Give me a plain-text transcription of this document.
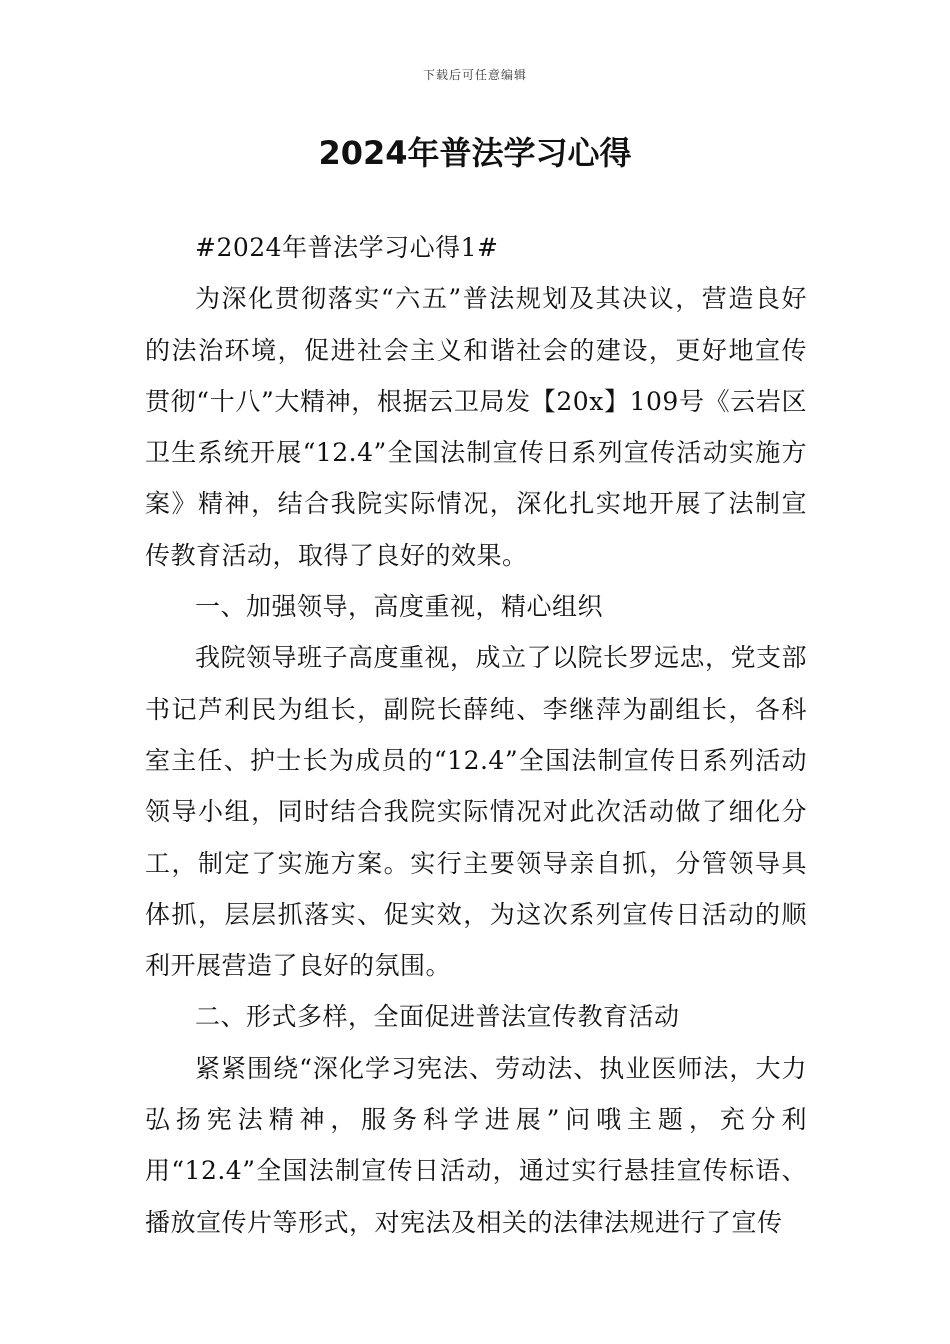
下载后可任意编辑
2024年普法学习心得

#2024年普法学习心得1#

为深化贯彻落实“六五”普法规划及其决议，营造良好的法治环境，促进社会主义和谐社会的建设，更好地宣传贯彻“十八”大精神，根据云卫局发【20x】109号《云岩区卫生系统开展“12.4”全国法制宣传日系列宣传活动实施方案》精神，结合我院实际情况，深化扎实地开展了法制宣传教育活动，取得了良好的效果。

一、加强领导，高度重视，精心组织

我院领导班子高度重视，成立了以院长罗远忠，党支部书记芦利民为组长，副院长薛纯、李继萍为副组长，各科室主任、护士长为成员的“12.4”全国法制宣传日系列活动领导小组，同时结合我院实际情况对此次活动做了细化分工，制定了实施方案。实行主要领导亲自抓，分管领导具体抓，层层抓落实、促实效，为这次系列宣传日活动的顺利开展营造了良好的氛围。

二、形式多样，全面促进普法宣传教育活动

紧紧围绕“深化学习宪法、劳动法、执业医师法，大力弘扬宪法精神，服务科学进展”问哦主题，充分利用“12.4”全国法制宣传日活动，通过实行悬挂宣传标语、播放宣传片等形式，对宪法及相关的法律法规进行了宣传
